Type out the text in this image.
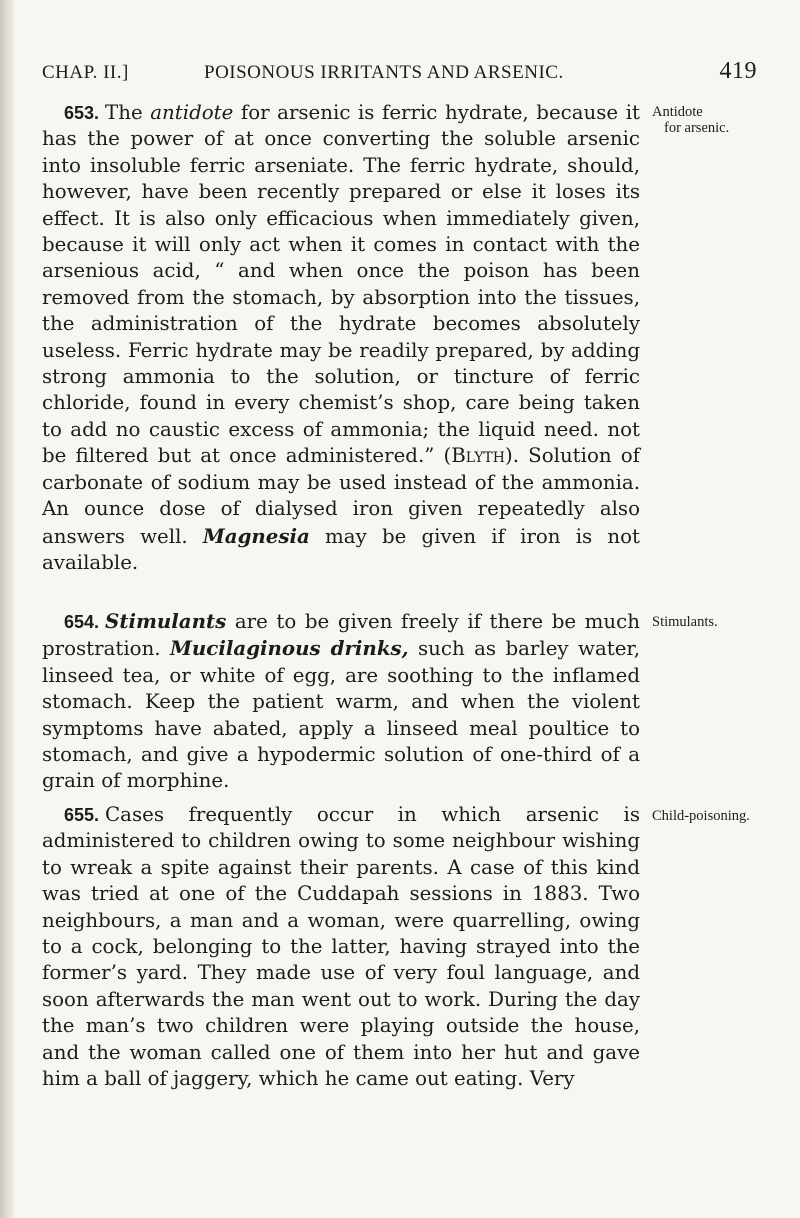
CHAP. II.]	POISONOUS IRRITANTS AND ARSENIC.	419
653. The antidote for arsenic is ferric hydrate, because it has the power of at once converting the soluble arsenic into insoluble ferric arseniate. The ferric hydrate, should, however, have been recently prepared or else it loses its effect. It is also only efficacious when immediately given, because it will only act when it comes in contact with the arsenious acid, “ and when once the poison has been removed from the stomach, by absorption into the tissues, the administration of the hydrate becomes absolutely useless. Ferric hydrate may be readily prepared, by adding strong ammonia to the solution, or tincture of ferric chloride, found in every chemist’s shop, care being taken to add no caustic excess of ammonia; the liquid need. not be filtered but at once administered.” (Blyth). Solution of carbonate of sodium may be used instead of the ammonia. An ounce dose of dialysed iron given repeatedly also answers well. Magnesia may be given if iron is not available.
Antidote
for arsenic.
654. Stimulants are to be given freely if there be much prostration. Mucilaginous drinks, such as barley water, linseed tea, or white of egg, are soothing to the inflamed stomach. Keep the patient warm, and when the violent symptoms have abated, apply a linseed meal poultice to stomach, and give a hypodermic solution of one-third of a grain of morphine.
Stimulants.
655. Cases frequently occur in which arsenic is administered to children owing to some neighbour wishing to wreak a spite against their parents. A case of this kind was tried at one of the Cuddapah sessions in 1883. Two neighbours, a man and a woman, were quarrelling, owing to a cock, belonging to the latter, having strayed into the former’s yard. They made use of very foul language, and soon afterwards the man went out to work. During the day the man’s two children were playing outside the house, and the woman called one of them into her hut and gave him a ball of jaggery, which he came out eating. Very
Child-poisoning.
